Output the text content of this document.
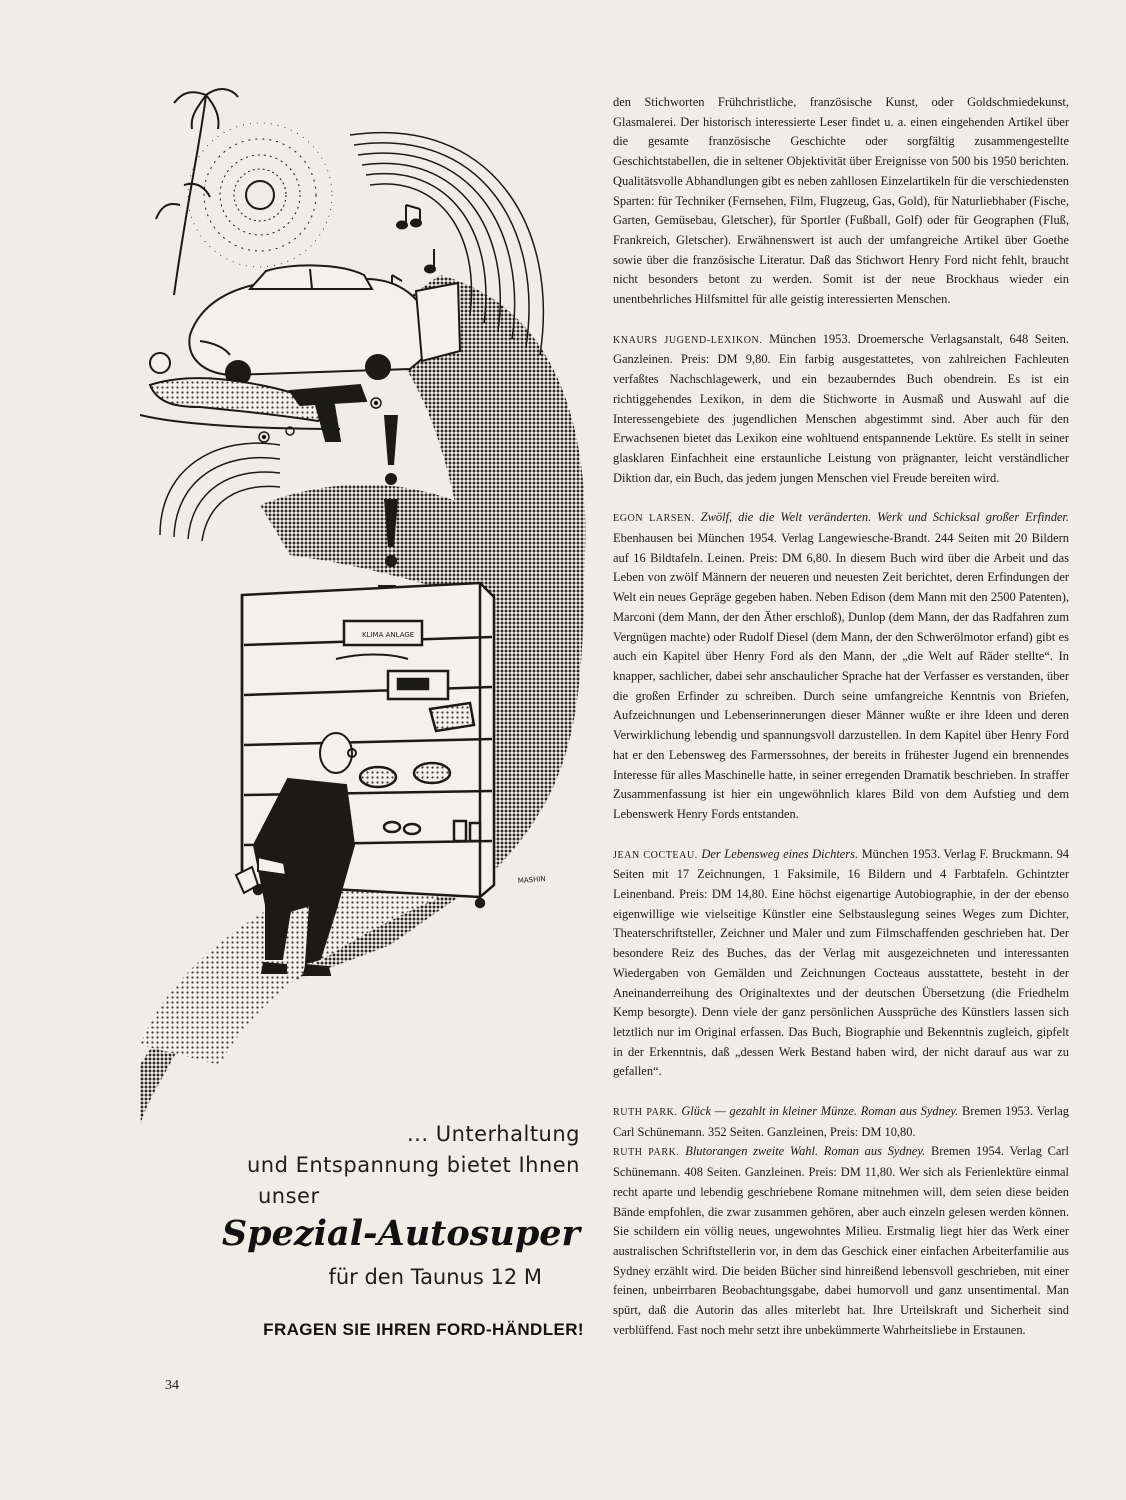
KLIMA ANLAGE
MASHIN
... Unterhaltung
und Entspannung bietet Ihnen
unser
Spezial-Autosuper
für den Taunus 12 M
FRAGEN SIE IHREN FORD-HÄNDLER!

den Stichworten Frühchristliche, französische Kunst, oder Goldschmiedekunst, Glasmalerei. Der historisch interessierte Leser findet u. a. einen eingehenden Artikel über die gesamte französische Geschichte oder sorgfältig zusammengestellte Geschichtstabellen, die in seltener Objektivität über Ereignisse von 500 bis 1950 berichten. Qualitätsvolle Abhandlungen gibt es neben zahllosen Einzelartikeln für die verschiedensten Sparten: für Techniker (Fernsehen, Film, Flugzeug, Gas, Gold), für Naturliebhaber (Fische, Garten, Gemüsebau, Gletscher), für Sportler (Fußball, Golf) oder für Geographen (Fluß, Frankreich, Gletscher). Erwähnenswert ist auch der umfangreiche Artikel über Goethe sowie über die französische Literatur. Daß das Stichwort Henry Ford nicht fehlt, braucht nicht besonders betont zu werden. Somit ist der neue Brockhaus wieder ein unentbehrliches Hilfsmittel für alle geistig interessierten Menschen.

KNAURS JUGEND-LEXIKON. München 1953. Droemersche Verlagsanstalt, 648 Seiten. Ganzleinen. Preis: DM 9,80. Ein farbig ausgestattetes, von zahlreichen Fachleuten verfaßtes Nachschlagewerk, und ein bezauberndes Buch obendrein. Es ist ein richtiggehendes Lexikon, in dem die Stichworte in Ausmaß und Auswahl auf die Interessengebiete des jugendlichen Menschen abgestimmt sind. Aber auch für den Erwachsenen bietet das Lexikon eine wohltuend entspannende Lektüre. Es stellt in seiner glasklaren Einfachheit eine erstaunliche Leistung von prägnanter, leicht verständlicher Diktion dar, ein Buch, das jedem jungen Menschen viel Freude bereiten wird.

EGON LARSEN. Zwölf, die die Welt veränderten. Werk und Schicksal großer Erfinder. Ebenhausen bei München 1954. Verlag Langewiesche-Brandt. 244 Seiten mit 20 Bildern auf 16 Bildtafeln. Leinen. Preis: DM 6,80. In diesem Buch wird über die Arbeit und das Leben von zwölf Männern der neueren und neuesten Zeit berichtet, deren Erfindungen der Welt ein neues Gepräge gegeben haben. Neben Edison (dem Mann mit den 2500 Patenten), Marconi (dem Mann, der den Äther erschloß), Dunlop (dem Mann, der das Radfahren zum Vergnügen machte) oder Rudolf Diesel (dem Mann, der den Schwerölmotor erfand) gibt es auch ein Kapitel über Henry Ford als den Mann, der „die Welt auf Räder stellte“. In knapper, sachlicher, dabei sehr anschaulicher Sprache hat der Verfasser es verstanden, über die großen Erfinder zu schreiben. Durch seine umfangreiche Kenntnis von Briefen, Aufzeichnungen und Lebenserinnerungen dieser Männer wußte er ihre Ideen und deren Verwirklichung lebendig und spannungsvoll darzustellen. In dem Kapitel über Henry Ford hat er den Lebensweg des Farmerssohnes, der bereits in frühester Jugend ein brennendes Interesse für alles Maschinelle hatte, in seiner erregenden Dramatik beschrieben. In straffer Zusammenfassung ist hier ein ungewöhnlich klares Bild von dem Aufstieg und dem Lebenswerk Henry Fords entstanden.

JEAN COCTEAU. Der Lebensweg eines Dichters. München 1953. Verlag F. Bruckmann. 94 Seiten mit 17 Zeichnungen, 1 Faksimile, 16 Bildern und 4 Farbtafeln. Gchintzter Leinenband. Preis: DM 14,80. Eine höchst eigenartige Autobiographie, in der der ebenso eigenwillige wie vielseitige Künstler eine Selbstauslegung seines Weges zum Dichter, Theaterschriftsteller, Zeichner und Maler und zum Filmschaffenden geschrieben hat. Der besondere Reiz des Buches, das der Verlag mit ausgezeichneten und interessanten Wiedergaben von Gemälden und Zeichnungen Cocteaus ausstattete, besteht in der Aneinanderreihung des Originaltextes und der deutschen Übersetzung (die Friedhelm Kemp besorgte). Denn viele der ganz persönlichen Aussprüche des Künstlers lassen sich letztlich nur im Original erfassen. Das Buch, Biographie und Bekenntnis zugleich, gipfelt in der Erkenntnis, daß „dessen Werk Bestand haben wird, der nicht darauf aus war zu gefallen“.

RUTH PARK. Glück — gezahlt in kleiner Münze. Roman aus Sydney. Bremen 1953. Verlag Carl Schünemann. 352 Seiten. Ganzleinen, Preis: DM 10,80.

RUTH PARK. Blutorangen zweite Wahl. Roman aus Sydney. Bremen 1954. Verlag Carl Schünemann. 408 Seiten. Ganzleinen. Preis: DM 11,80. Wer sich als Ferienlektüre einmal recht aparte und lebendig geschriebene Romane mitnehmen will, dem seien diese beiden Bände empfohlen, die zwar zusammen gehören, aber auch einzeln gelesen werden können. Sie schildern ein völlig neues, ungewohntes Milieu. Erstmalig liegt hier das Werk einer australischen Schriftstellerin vor, in dem das Geschick einer einfachen Arbeiterfamilie aus Sydney erzählt wird. Die beiden Bücher sind hinreißend lebensvoll geschrieben, mit einer feinen, unbeirrbaren Beobachtungsgabe, dabei humorvoll und ganz unsentimental. Man spürt, daß die Autorin das alles miterlebt hat. Ihre Urteilskraft und Sicherheit sind verblüffend. Fast noch mehr setzt ihre unbekümmerte Wahrheitsliebe in Erstaunen.

34
